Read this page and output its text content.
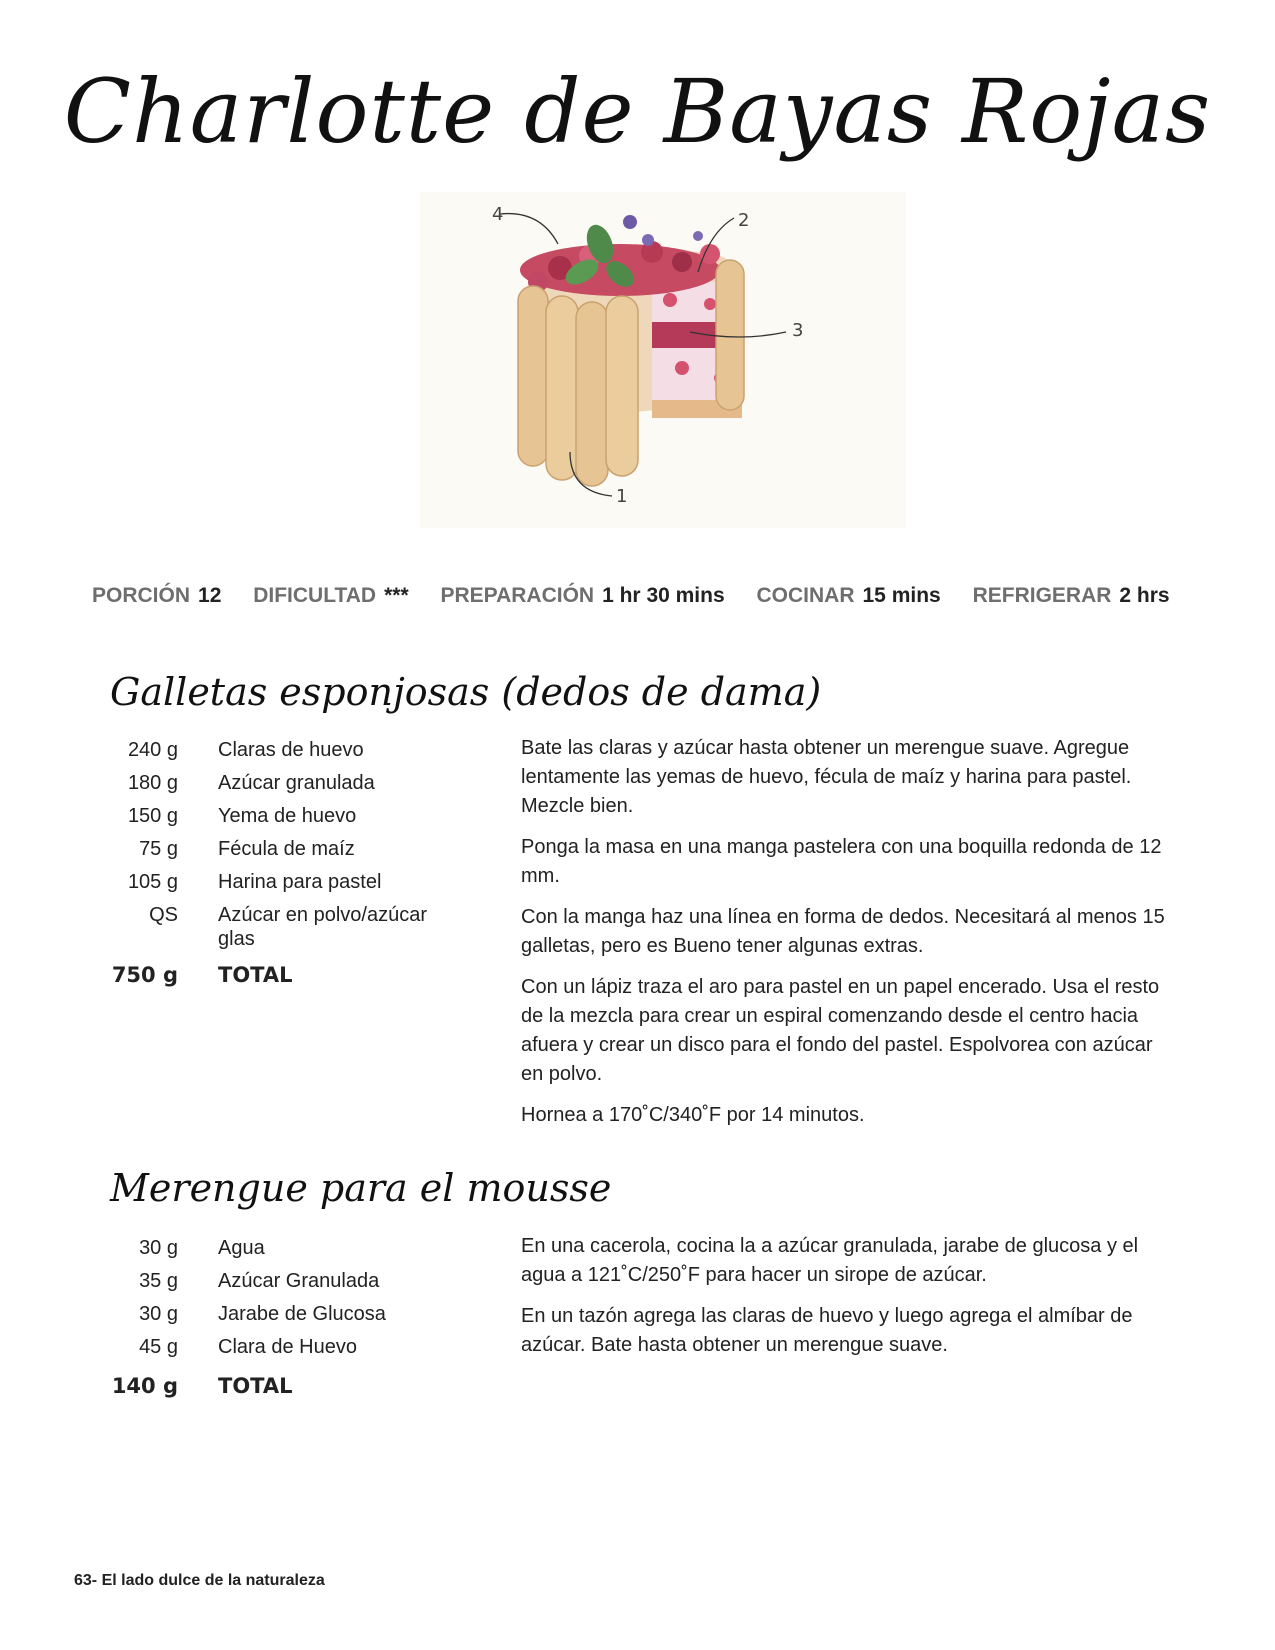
Charlotte de Bayas Rojas
4	2
3
1
PORCIÓN 12 DIFICULTAD *** PREPARACIÓN 1 hr 30 mins COCINAR 15 mins REFRIGERAR 2 hrs
Galletas esponjosas (dedos de dama)
240 g Claras de huevo
180 g Azúcar granulada
150 g Yema de huevo
75 g Fécula de maíz
105 g Harina para pastel
QS Azúcar en polvo/azúcar glas
750 g TOTAL

Bate las claras y azúcar hasta obtener un merengue suave. Agregue lentamente las yemas de huevo, fécula de maíz y harina para pastel. Mezcle bien.

Ponga la masa en una manga pastelera con una boquilla redonda de 12 mm.

Con la manga haz una línea en forma de dedos. Necesitará al menos 15 galletas, pero es Bueno tener algunas extras.

Con un lápiz traza el aro para pastel en un papel encerado. Usa el resto de la mezcla para crear un espiral comenzando desde el centro hacia afuera y crear un disco para el fondo del pastel. Espolvorea con azúcar en polvo.

Hornea a 170˚C/340˚F por 14 minutos.

Merengue para el mousse
30 g Agua
35 g Azúcar Granulada
30 g Jarabe de Glucosa
45 g Clara de Huevo
140 g TOTAL

En una cacerola, cocina la a azúcar granulada, jarabe de glucosa y el agua a 121˚C/250˚F para hacer un sirope de azúcar.

En un tazón agrega las claras de huevo y luego agrega el almíbar de azúcar. Bate hasta obtener un merengue suave.

63- El lado dulce de la naturaleza
